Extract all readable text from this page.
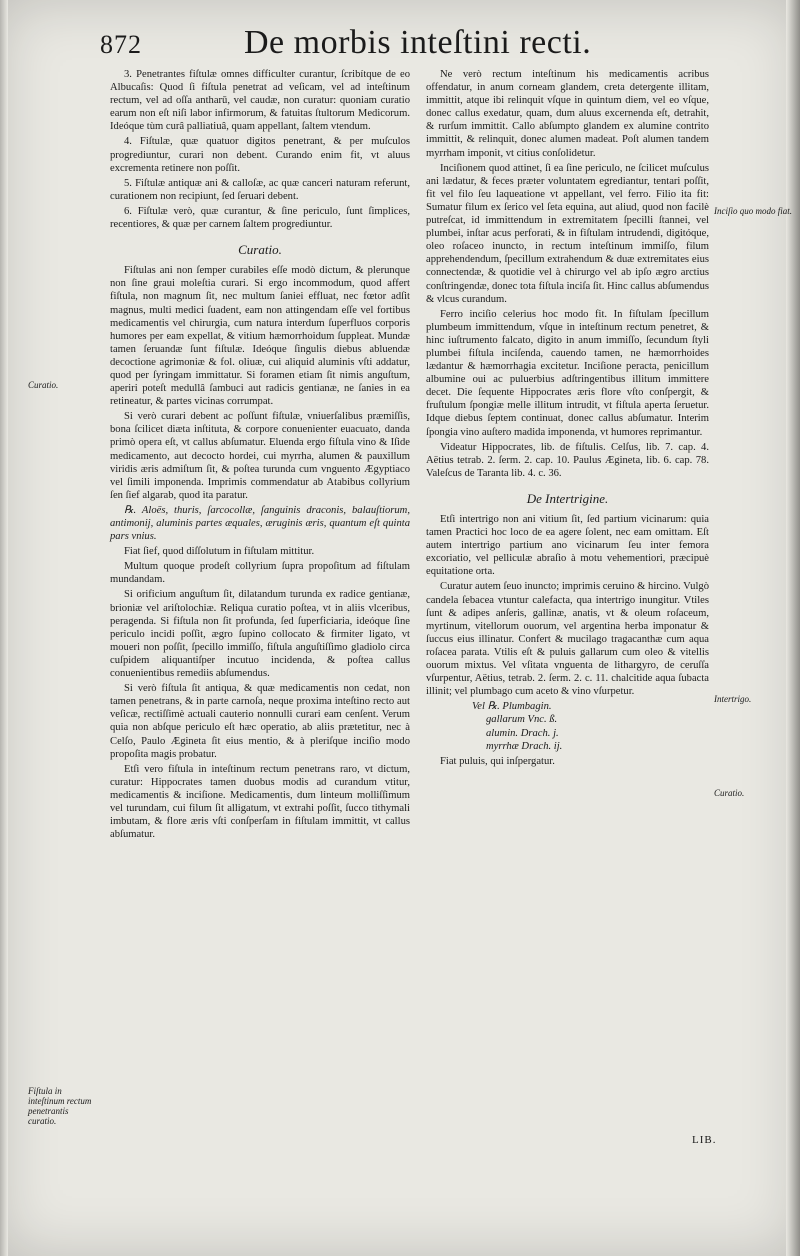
872	De morbis inteſtini recti.

3. Penetrantes fiſtulæ omnes difficulter curantur, ſcribítque de eo Albucaſis: Quod ſi fiſtula penetrat ad veſicam, vel ad inteſtinum rectum, vel ad oſſa antharū, vel caudæ, non curatur: quoniam curatio earum non eſt niſi labor infirmorum, & fatuitas ſtultorum Medicorum. Ideóque tùm curâ palliatiuâ, quam appellant, ſaltem vtendum.

4. Fiſtulæ, quæ quatuor digitos penetrant, & per muſculos progrediuntur, curari non debent. Curando enim fit, vt aluus excrementa retinere non poſſit.

5. Fiſtulæ antiquæ ani & calloſæ, ac quæ canceri naturam referunt, curationem non recipiunt, ſed ſeruari debent.

6. Fiſtulæ verò, quæ curantur, & ſine periculo, ſunt ſimplices, recentiores, & quæ per carnem ſaltem progrediuntur.

Curatio.

Fiſtulas ani non ſemper curabiles eſſe modò dictum, & plerunque non ſine graui moleſtia curari. Si ergo incommodum, quod affert fiſtula, non magnum ſit, nec multum ſaniei effluat, nec fœtor adſit magnus, multi medici ſuadent, eam non attingendam eſſe vel fortibus medicamentis vel chirurgia, cum natura interdum ſuperfluos corporis humores per eam expellat, & vitium hæmorrhoidum ſuppleat. Mundæ tamen ſeruandæ ſunt fiſtulæ. Ideóque ſingulis diebus abluendæ decoctione agrimoniæ & fol. oliuæ, cui aliquid aluminis vſti addatur, quod per ſyringam immittatur. Si foramen etiam ſit nimis anguſtum, aperiri poteſt medullâ ſambuci aut radicis gentianæ, ne ſanies in ea retineatur, & partes vicinas corrumpat.

Si verò curari debent ac poſſunt fiſtulæ, vniuerſalibus præmiſſis, bona ſcilicet diæta inſtituta, & corpore conuenienter euacuato, danda primò opera eſt, vt callus abſumatur. Eluenda ergo fiſtula vino & Iſide medicamento, aut decocto hordei, cui myrrha, alumen & pauxillum viridis æris admiſtum ſit, & poſtea turunda cum vnguento Ægyptiaco vel ſimili imponenda. Imprimis commendatur ab Atabibus collyrium ſen ſief algarab, quod ita paratur.

℞. Aloës, thuris, ſarcocollæ, ſanguinis draconis, balauſtiorum, antimonij, aluminis partes æquales, æruginis æris, quantum eſt quinta pars vnius.

Fiat ſief, quod diſſolutum in fiſtulam mittitur.

Multum quoque prodeſt collyrium ſupra propoſitum ad fiſtulam mundandam.

Si orificium anguſtum ſit, dilatandum turunda ex radice gentianæ, brioniæ vel ariſtolochiæ. Reliqua curatio poſtea, vt in aliis vlceribus, peragenda. Si fiſtula non ſit profunda, ſed ſuperficiaria, ideóque ſine periculo incidi poſſit, ægro ſupino collocato & firmiter ligato, vt moueri non poſſit, ſpecillo immiſſo, fiſtula anguſtiſſimo gladiolo circa cuſpidem aliquantiſper incutuo incidenda, & poſtea callus conuenientibus remediis abſumendus.

Si verò fiſtula ſit antiqua, & quæ medicamentis non cedat, non tamen penetrans, & in parte carnoſa, neque proxima inteſtino recto aut veſicæ, rectiſſimè actuali cauterio nonnulli curari eam cenſent. Verum quia non abſque periculo eſt hæc operatio, ab aliis prætetitur, nec à Celſo, Paulo Ægineta ſit eius mentio, & à pleriſque inciſio modo propoſita magis probatur.

Etſi vero fiſtula in inteſtinum rectum penetrans raro, vt dictum, curatur: Hippocrates tamen duobus modis ad curandum vtitur, medicamentis & inciſione. Medicamentis, dum linteum molliſſimum vel turundam, cui filum ſit alligatum, vt extrahi poſſit, ſucco tithymali imbutam, & flore æris vſti conſperſam in fiſtulam immittit, vt callus abſumatur.

Ne verò rectum inteſtinum his medicamentis acribus offendatur, in anum corneam glandem, creta detergente illitam, immittit, atque ibi relinquit vſque in quintum diem, vel eo vſque, donec callus exedatur, quam, dum aluus excernenda eſt, detrahit, & rurſum immittit. Callo abſumpto glandem ex alumine contrito immittit, & relinquit, donec alumen madeat. Poſt alumen tandem myrrham imponit, vt citius conſolidetur.

Inciſionem quod attinet, ſi ea ſine periculo, ne ſcilicet muſculus ani lædatur, & feces præter voluntatem egrediantur, tentari poſſit, fit vel filo ſeu laqueatione vt appellant, vel ferro. Filio ita fit: Sumatur filum ex ſerico vel ſeta equina, aut aliud, quod non facilè putreſcat, id immittendum in extremitatem ſpecilli ſtannei, vel plumbei, inſtar acus perforati, & in fiſtulam intrudendi, digitóque, oleo roſaceo inuncto, in rectum inteſtinum immiſſo, filum apprehendendum, ſpecillum extrahendum & duæ extremitates eius connectendæ, & quotidie vel à chirurgo vel ab ipſo ægro arctius conſtringendæ, donec tota fiſtula inciſa ſit. Hinc callus abſumendus & vlcus curandum.

Ferro inciſio celerius hoc modo fit. In fiſtulam ſpecillum plumbeum immittendum, vſque in inteſtinum rectum penetret, & hinc iuſtrumento falcato, digito in anum immiſſo, ſecundum ſtyli plumbei fiſtula inciſenda, cauendo tamen, ne hæmorrhoides lædantur & hæmorrhagia excitetur. Inciſione peracta, penicillum albumine oui ac puluerbius adſtringentibus illitum immittere decet. Die ſequente Hippocrates æris flore vſto conſpergit, & fruſtulum ſpongiæ melle illitum intrudit, vt fiſtula aperta ſeruetur. Idque diebus ſeptem continuat, donec callus abſumatur. Interim ſpongia vino auſtero madida imponenda, vt humores reprimantur.

Videatur Hippocrates, lib. de fiſtulis. Celſus, lib. 7. cap. 4. Aëtius tetrab. 2. ſerm. 2. cap. 10. Paulus Ægineta, lib. 6. cap. 78. Valeſcus de Taranta lib. 4. c. 36.

De Intertrigine.

Etſi intertrigo non ani vitium ſit, ſed partium vicinarum: quia tamen Practici hoc loco de ea agere ſolent, nec eam omittam. Eſt autem intertrigo partium ano vicinarum ſeu inter femora excoriatio, vel pelliculæ abraſio à motu vehementiori, præcipuè equitatione orta.

Curatur autem ſeuo inuncto; imprimis ceruino & hircino. Vulgò candela ſebacea vtuntur calefacta, qua intertrigo inungitur. Vtiles ſunt & adipes anſeris, gallinæ, anatis, vt & oleum roſaceum, myrtinum, vitellorum ouorum, vel argentina herba imponatur & ſuccus eius illinatur. Confert & mucilago tragacanthæ cum aqua roſacea parata. Vtilis eſt & puluis gallarum cum oleo & vitellis ouorum mixtus. Vel vſitata vnguenta de lithargyro, de ceruſſa vſurpentur, Aëtius, tetrab. 2. ſerm. 2. c. 11. chalcitide aqua ſubacta illinit; vel plumbago cum aceto & vino vſurpetur.

Vel ℞. Plumbagin.
gallarum Vnc. ß.
alumin. Drach. j.
myrrhæ Drach. ij.

Fiat puluis, qui inſpergatur.

Curatio.
Inciſio quo modo fiat.
Intertrigo.
Curatio.
Fiſtula in inteſtinum rectum penetrantis curatio.
LIB.
